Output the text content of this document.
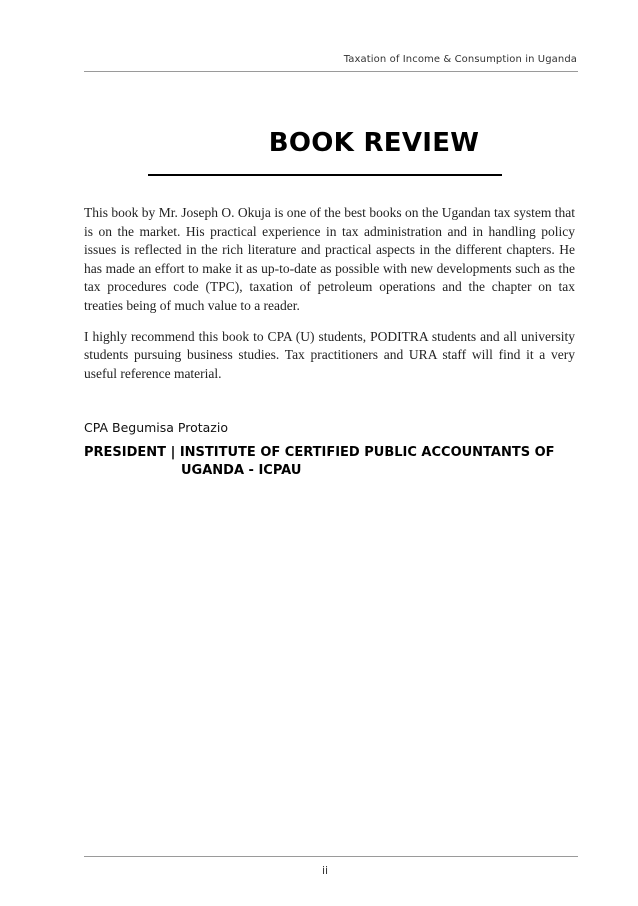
Taxation of Income & Consumption in Uganda
BOOK REVIEW

This book by Mr. Joseph O. Okuja is one of the best books on the Ugandan tax system that is on the market. His practical experience in tax administration and in handling policy issues is reflected in the rich literature and practical aspects in the different chapters. He has made an effort to make it as up-to-date as possible with new developments such as the tax procedures code (TPC), taxation of petroleum operations and the chapter on tax treaties being of much value to a reader.

I highly recommend this book to CPA (U) students, PODITRA students and all university students pursuing business studies. Tax practitioners and URA staff will find it a very useful reference material.

CPA Begumisa Protazio
PRESIDENT | INSTITUTE OF CERTIFIED PUBLIC ACCOUNTANTS OF
UGANDA - ICPAU
ii
